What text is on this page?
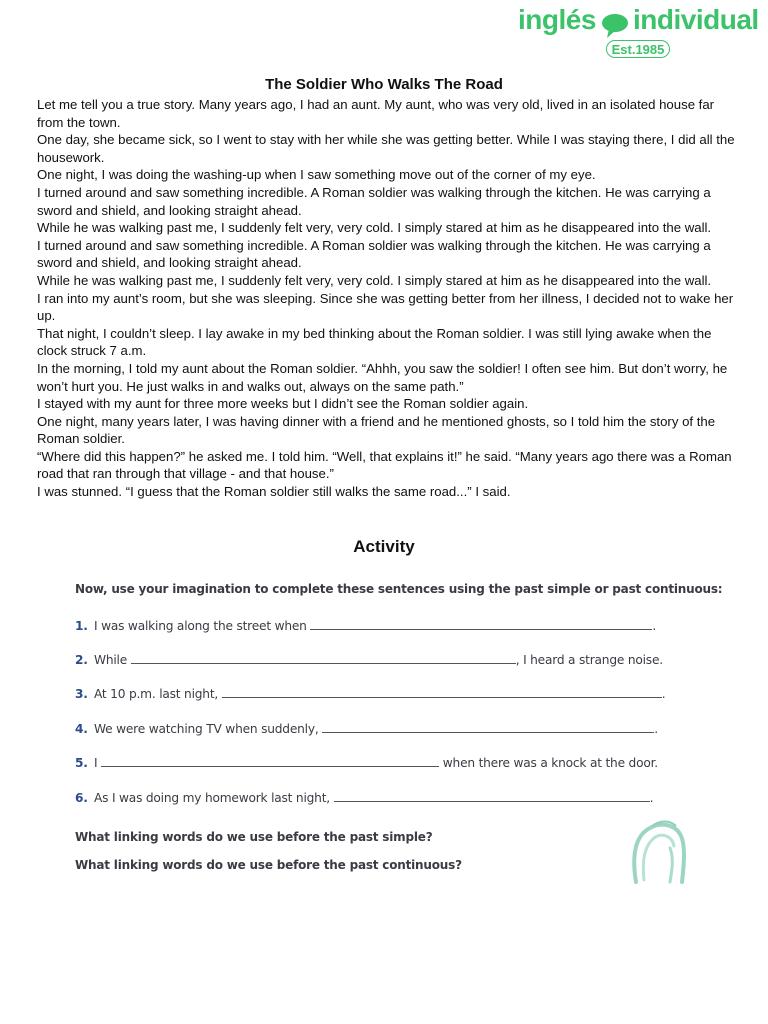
inglés individual
Est.1985
The Soldier Who Walks The Road

Let me tell you a true story. Many years ago, I had an aunt. My aunt, who was very old, lived in an isolated house far from the town.

One day, she became sick, so I went to stay with her while she was getting better. While I was staying there, I did all the housework.

One night, I was doing the washing-up when I saw something move out of the corner of my eye.

I turned around and saw something incredible. A Roman soldier was walking through the kitchen. He was carrying a sword and shield, and looking straight ahead.

While he was walking past me, I suddenly felt very, very cold. I simply stared at him as he disappeared into the wall.

I turned around and saw something incredible. A Roman soldier was walking through the kitchen. He was carrying a sword and shield, and looking straight ahead.

While he was walking past me, I suddenly felt very, very cold. I simply stared at him as he disappeared into the wall.

I ran into my aunt’s room, but she was sleeping. Since she was getting better from her illness, I decided not to wake her up.

That night, I couldn’t sleep. I lay awake in my bed thinking about the Roman soldier. I was still lying awake when the clock struck 7 a.m.

In the morning, I told my aunt about the Roman soldier. “Ahhh, you saw the soldier! I often see him. But don’t worry, he won’t hurt you. He just walks in and walks out, always on the same path.”

I stayed with my aunt for three more weeks but I didn’t see the Roman soldier again.

One night, many years later, I was having dinner with a friend and he mentioned ghosts, so I told him the story of the Roman soldier.

“Where did this happen?” he asked me. I told him. “Well, that explains it!” he said. “Many years ago there was a Roman road that ran through that village - and that house.”

I was stunned. “I guess that the Roman soldier still walks the same road...” I said.

Activity

Now, use your imagination to complete these sentences using the past simple or past continuous:

1. I was walking along the street when	.
2. While	, I heard a strange noise.
3. At 10 p.m. last night,	.
4. We were watching TV when suddenly,	.
5. I	when there was a knock at the door.
6. As I was doing my homework last night,	.

What linking words do we use before the past simple?

What linking words do we use before the past continuous?
